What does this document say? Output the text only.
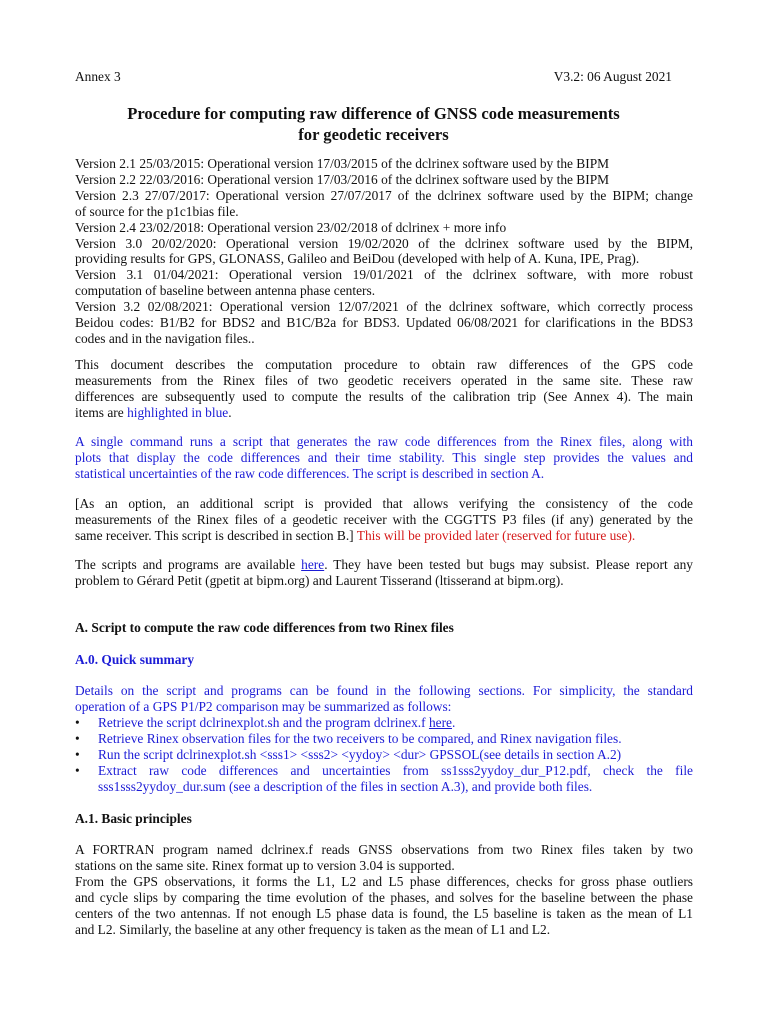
Annex 3	V3.2: 06 August 2021
Procedure for computing raw difference of GNSS code measurements
for geodetic receivers
Version 2.1 25/03/2015: Operational version 17/03/2015 of the dclrinex software used by the BIPM
Version 2.2 22/03/2016: Operational version 17/03/2016 of the dclrinex software used by the BIPM
Version 2.3 27/07/2017: Operational version 27/07/2017 of the dclrinex software used by the BIPM; change
of source for the p1c1bias file.
Version 2.4 23/02/2018: Operational version 23/02/2018 of dclrinex + more info
Version 3.0 20/02/2020: Operational version 19/02/2020 of the dclrinex software used by the BIPM,
providing results for GPS, GLONASS, Galileo and BeiDou (developed with help of A. Kuna, IPE, Prag).
Version 3.1 01/04/2021: Operational version 19/01/2021 of the dclrinex software, with more robust
computation of baseline between antenna phase centers.
Version 3.2 02/08/2021: Operational version 12/07/2021 of the dclrinex software, which correctly process
Beidou codes: B1/B2 for BDS2 and B1C/B2a for BDS3. Updated 06/08/2021 for clarifications in the BDS3
codes and in the navigation files..
This document describes the computation procedure to obtain raw differences of the GPS code
measurements from the Rinex files of two geodetic receivers operated in the same site. These raw
differences are subsequently used to compute the results of the calibration trip (See Annex 4). The main
items are highlighted in blue.
A single command runs a script that generates the raw code differences from the Rinex files, along with
plots that display the code differences and their time stability. This single step provides the values and
statistical uncertainties of the raw code differences. The script is described in section A.
[As an option, an additional script is provided that allows verifying the consistency of the code
measurements of the Rinex files of a geodetic receiver with the CGGTTS P3 files (if any) generated by the
same receiver. This script is described in section B.] This will be provided later (reserved for future use).
The scripts and programs are available here. They have been tested but bugs may subsist. Please report any
problem to Gérard Petit (gpetit at bipm.org) and Laurent Tisserand (ltisserand at bipm.org).
A. Script to compute the raw code differences from two Rinex files
A.0. Quick summary
Details on the script and programs can be found in the following sections. For simplicity, the standard
operation of a GPS P1/P2 comparison may be summarized as follows:
• Retrieve the script dclrinexplot.sh and the program dclrinex.f here.
• Retrieve Rinex observation files for the two receivers to be compared, and Rinex navigation files.
• Run the script dclrinexplot.sh <sss1> <sss2> <yydoy> <dur> GPSSOL(see details in section A.2)
• Extract raw code differences and uncertainties from ss1sss2yydoy_dur_P12.pdf, check the file
sss1sss2yydoy_dur.sum (see a description of the files in section A.3), and provide both files.
A.1. Basic principles
A FORTRAN program named dclrinex.f reads GNSS observations from two Rinex files taken by two
stations on the same site. Rinex format up to version 3.04 is supported.
From the GPS observations, it forms the L1, L2 and L5 phase differences, checks for gross phase outliers
and cycle slips by comparing the time evolution of the phases, and solves for the baseline between the phase
centers of the two antennas. If not enough L5 phase data is found, the L5 baseline is taken as the mean of L1
and L2. Similarly, the baseline at any other frequency is taken as the mean of L1 and L2.
